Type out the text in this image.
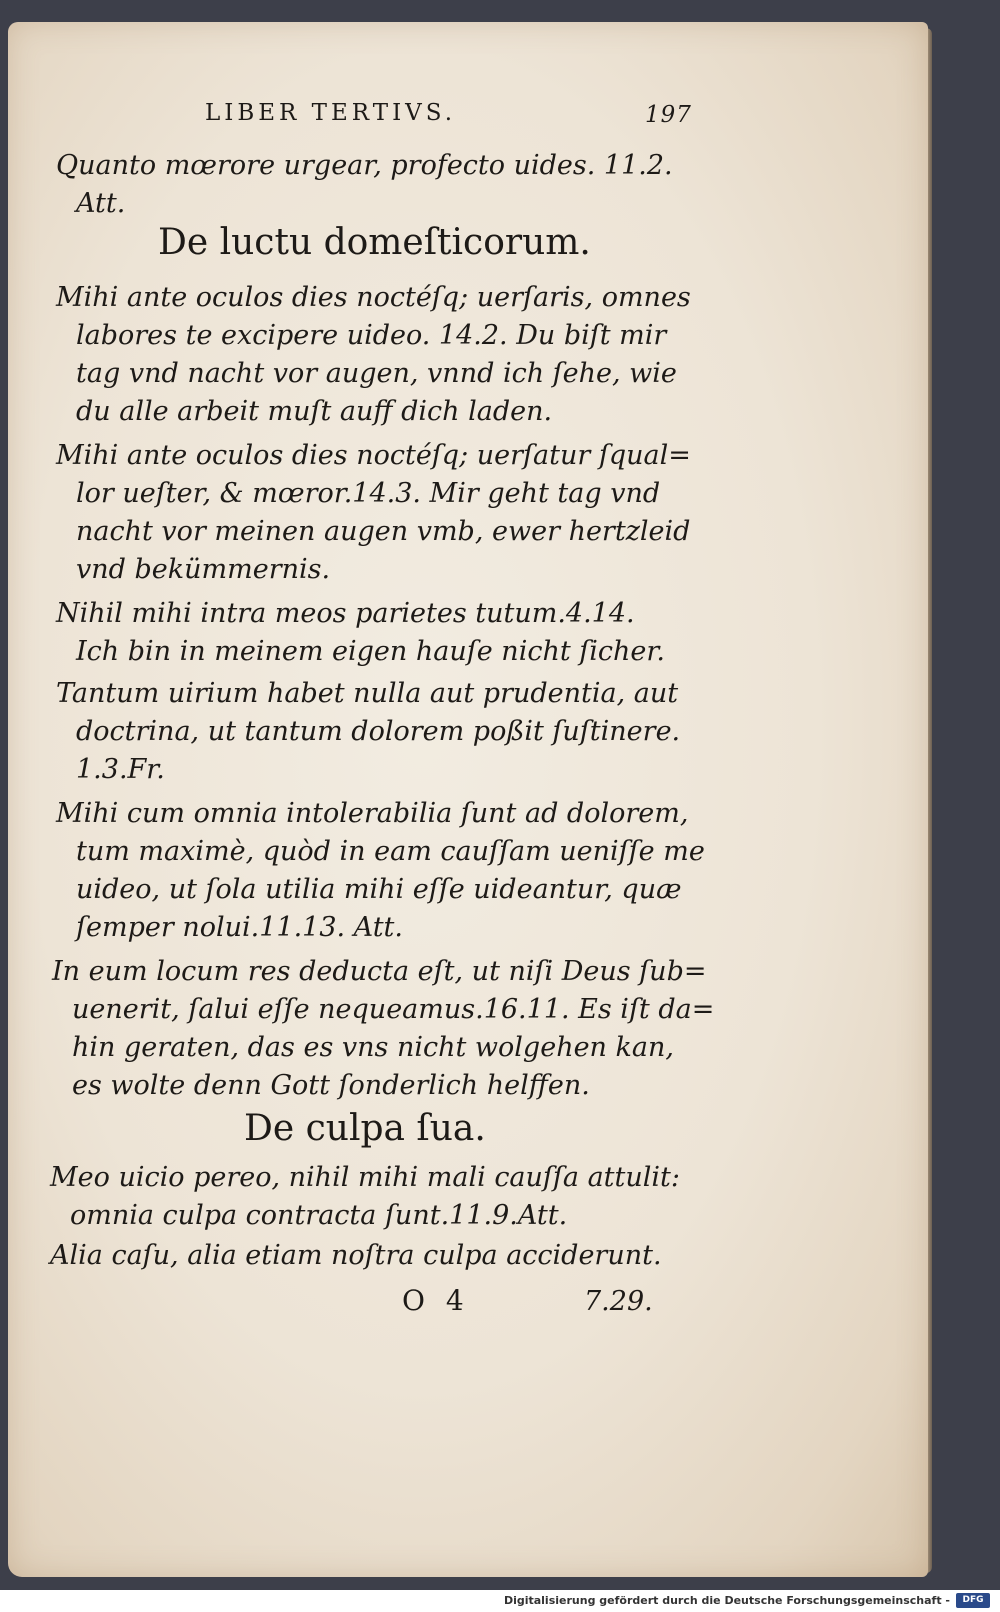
LIBER TERTIVS.	197
Quanto mœrore urgear, profecto uides. 11.2.
Att.
De luctu domeſticorum.
Mihi ante oculos dies noctéſq; uerſaris, omnes
labores te excipere uideo. 14.2. Du biſt mir
tag vnd nacht vor augen, vnnd ich ſehe, wie
du alle arbeit muſt auff dich laden.
Mihi ante oculos dies noctéſq; uerſatur ſqual=
lor ueſter, & mœror.14.3. Mir geht tag vnd
nacht vor meinen augen vmb, ewer hertzleid
vnd bekümmernis.
Nihil mihi intra meos parietes tutum.4.14.
Ich bin in meinem eigen hauſe nicht ſicher.
Tantum uirium habet nulla aut prudentia, aut
doctrina, ut tantum dolorem poßit ſuſtinere.
1.3.Fr.
Mihi cum omnia intolerabilia ſunt ad dolorem,
tum maximè, quòd in eam cauſſam ueniſſe me
uideo, ut ſola utilia mihi eſſe uideantur, quæ
ſemper nolui.11.13. Att.
In eum locum res deducta eſt, ut niſi Deus ſub=
uenerit, ſalui eſſe nequeamus.16.11. Es iſt da=
hin geraten, das es vns nicht wolgehen kan,
es wolte denn Gott ſonderlich helffen.
De culpa ſua.
Meo uicio pereo, nihil mihi mali cauſſa attulit:
omnia culpa contracta ſunt.11.9.Att.
Alia caſu, alia etiam noſtra culpa acciderunt.
O 4	7.29.
Digitalisierung gefördert durch die Deutsche Forschungsgemeinschaft -	DFG
